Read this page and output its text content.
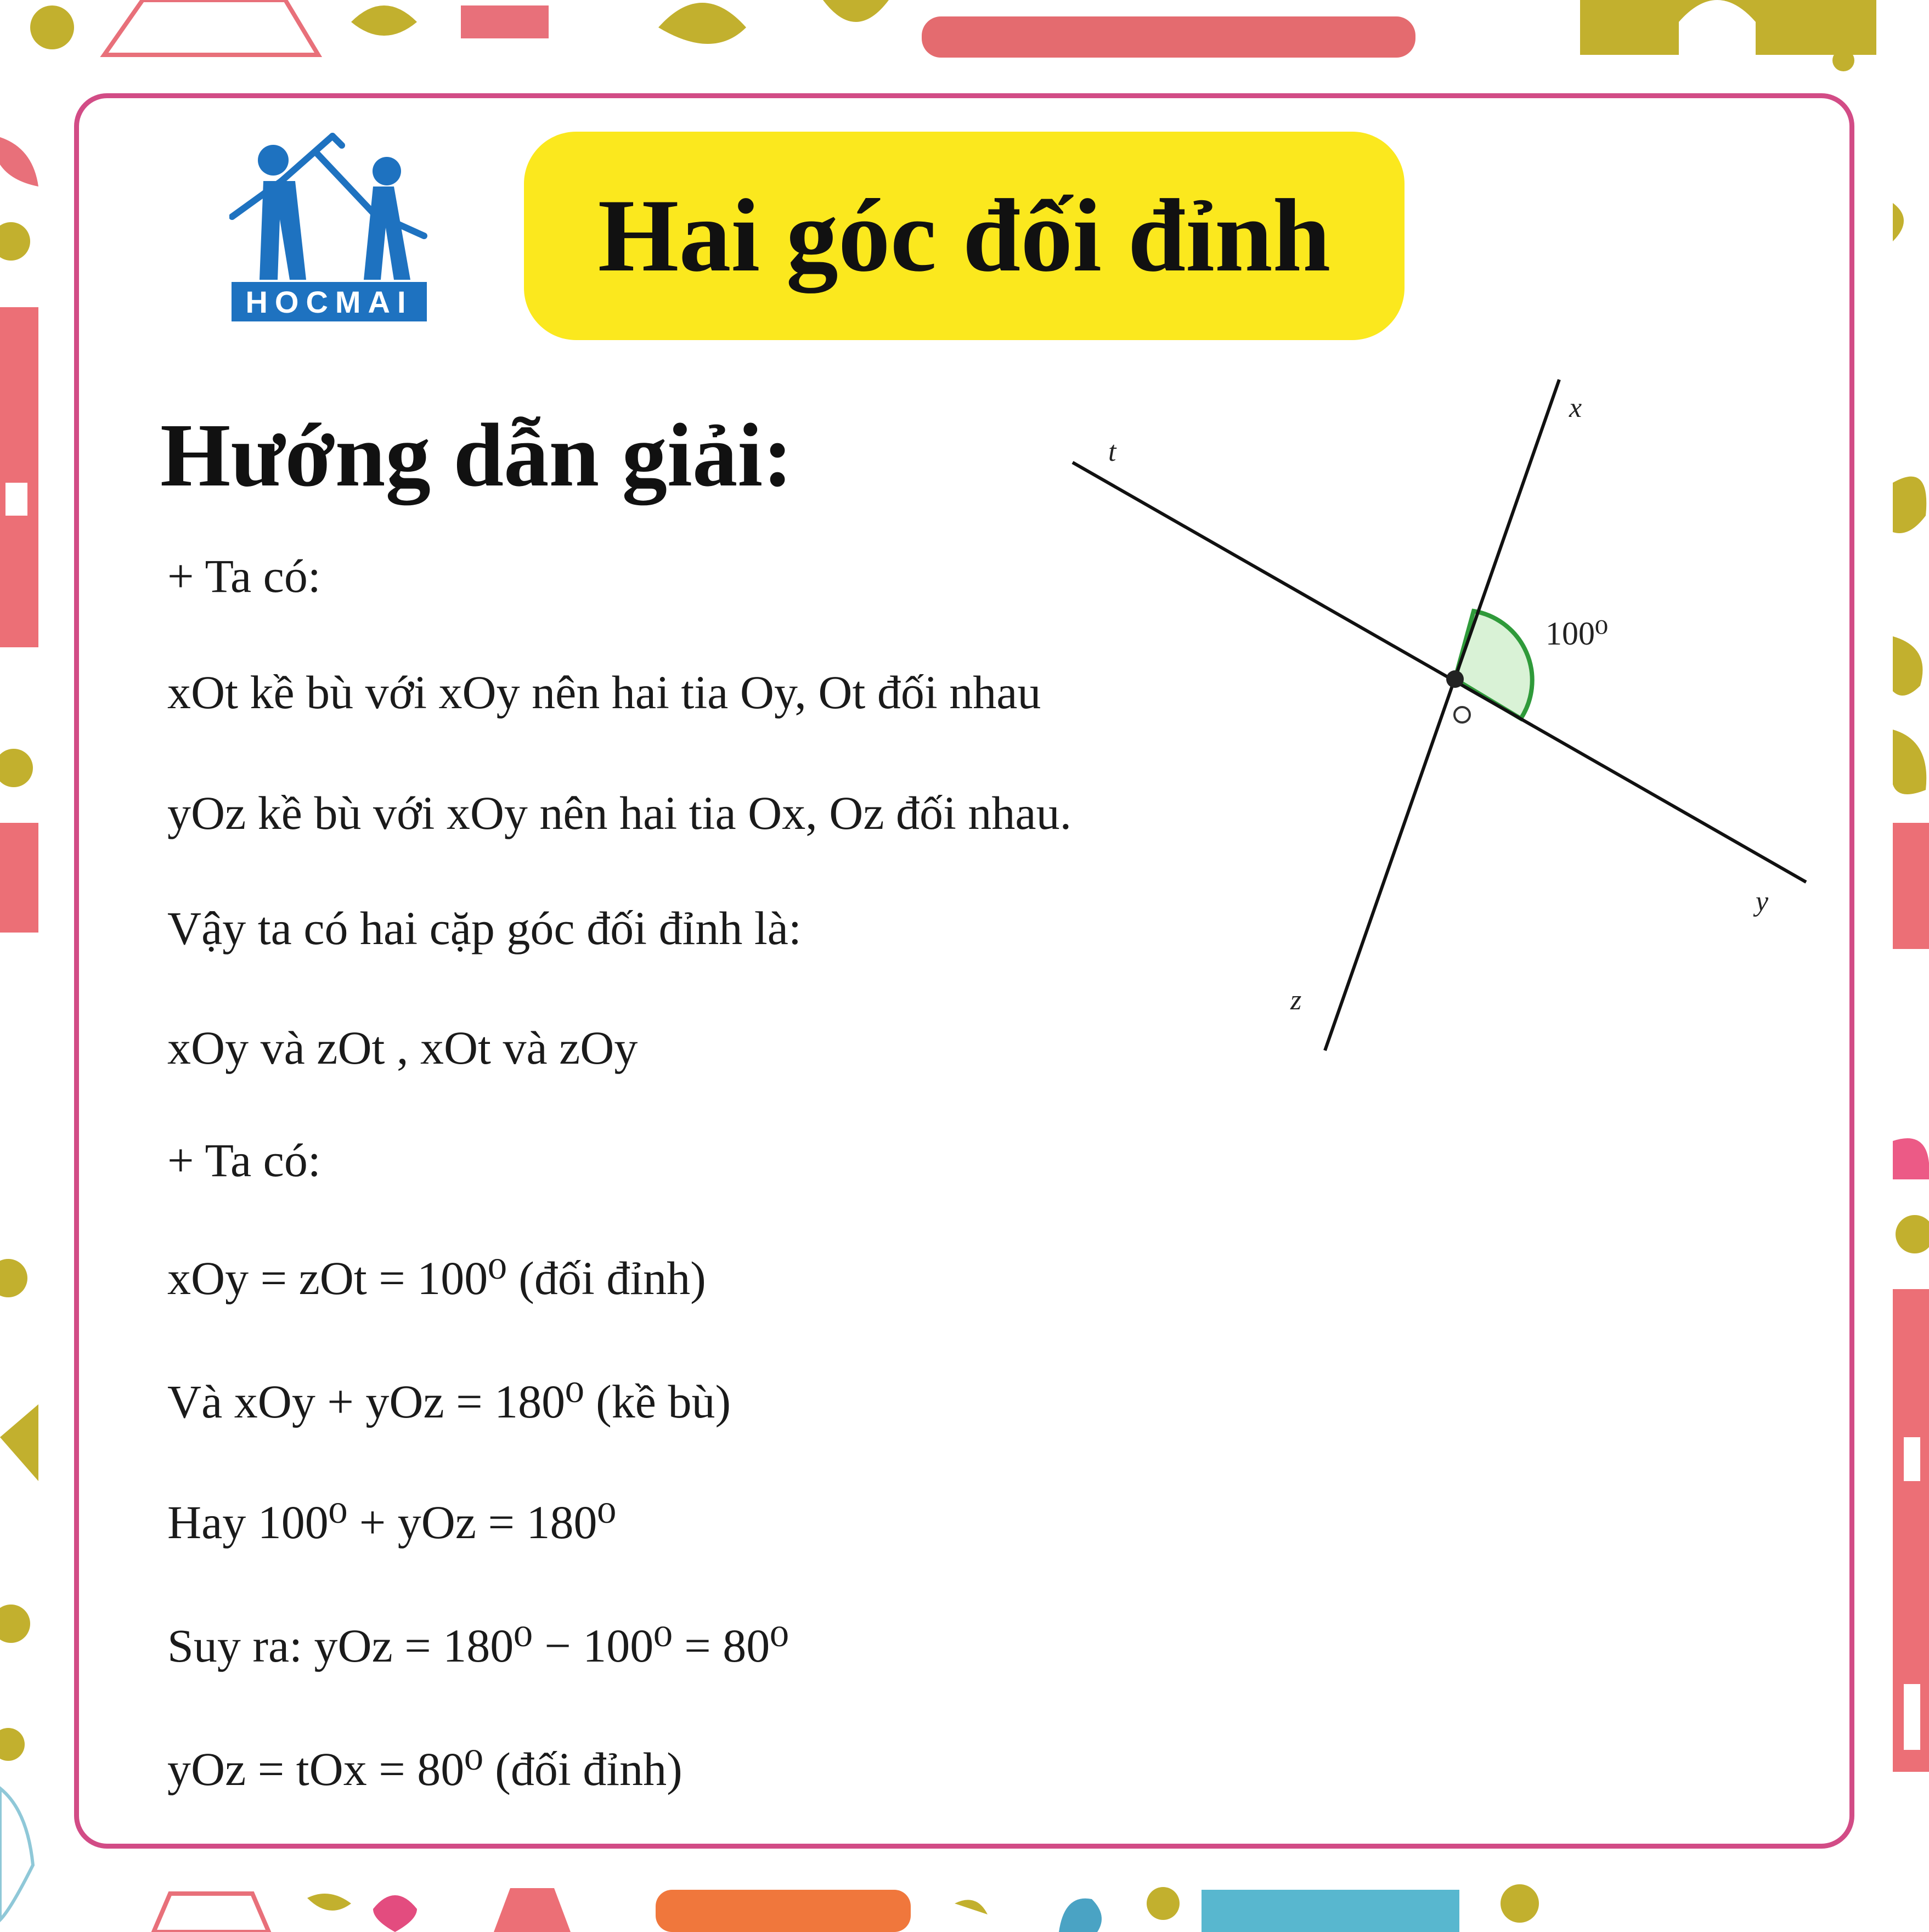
HOCMAI
Hai góc đối đỉnh
Hướng dẫn giải:
+ Ta có:
xOt kề bù với xOy nên hai tia Oy, Ot đối nhau
yOz kề bù với xOy nên hai tia Ox, Oz đối nhau.
Vậy ta có hai cặp góc đối đỉnh là:
xOy và zOt , xOt và zOy
+ Ta có:
xOy = zOt = 100⁰ (đối đỉnh)
Và xOy + yOz = 180⁰ (kề bù)
Hay 100⁰ + yOz = 180⁰
Suy ra: yOz = 180⁰ − 100⁰ = 80⁰
yOz = tOx = 80⁰ (đối đỉnh)
x
t
y
z
100⁰
